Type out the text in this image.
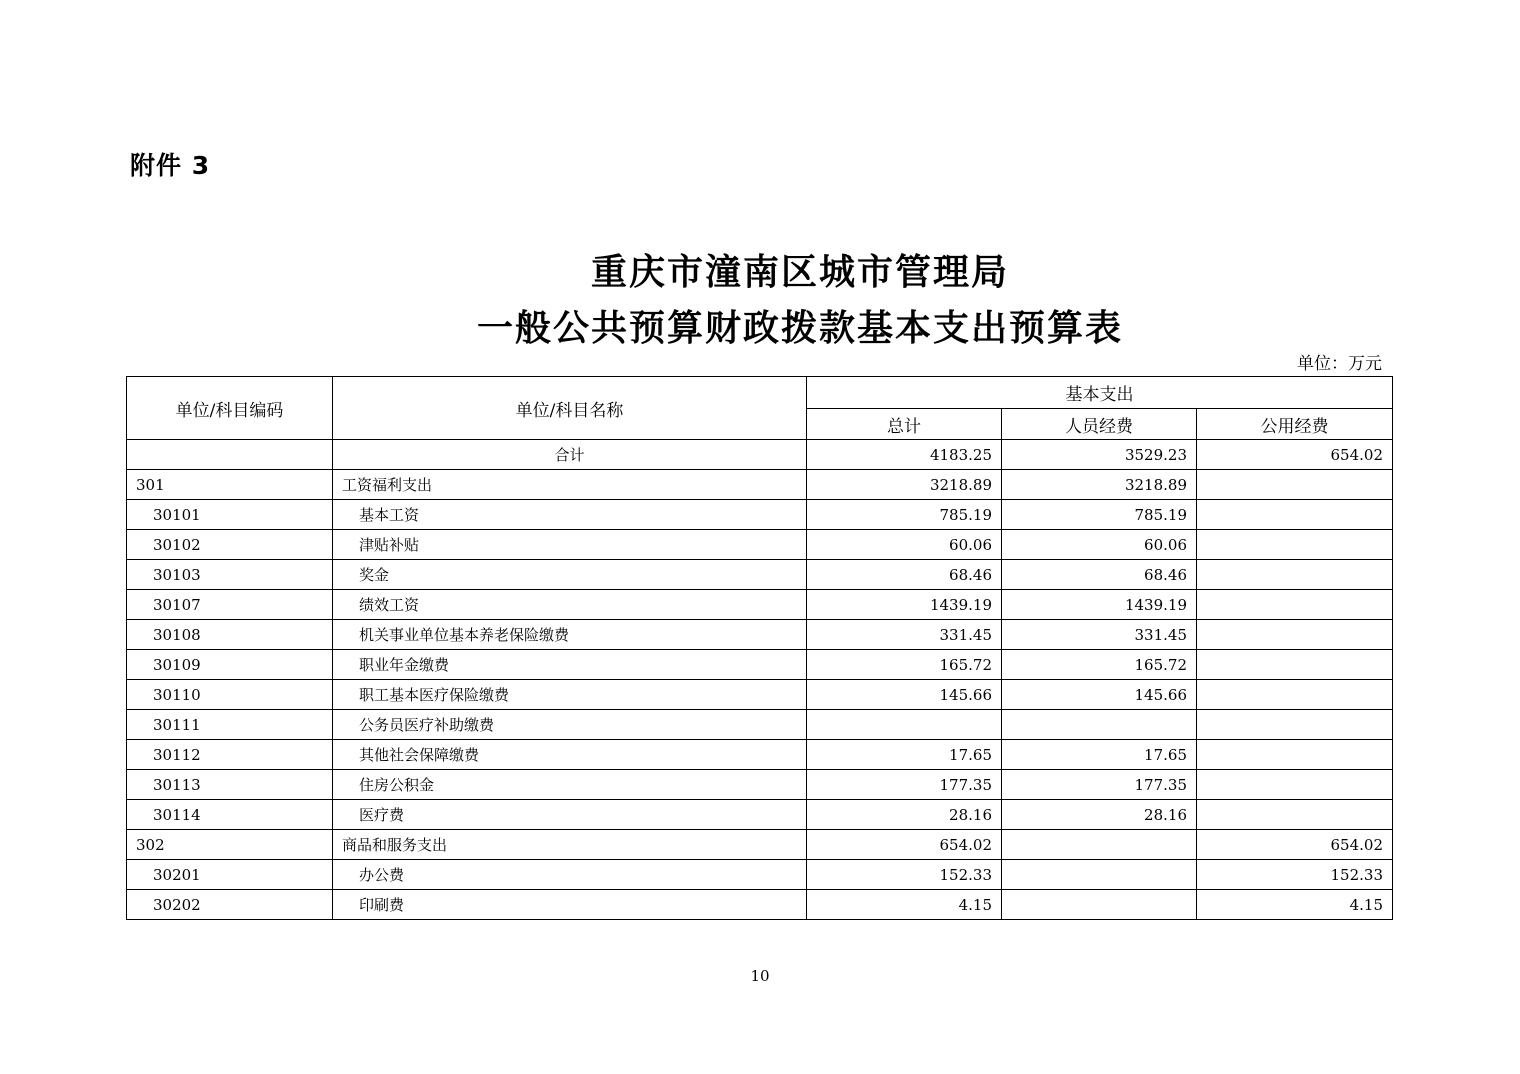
附件 3
重庆市潼南区城市管理局
一般公共预算财政拨款基本支出预算表
单位：万元
单位/科目编码	单位/科目名称	基本支出		
		总计	人员经费	公用经费
	合计	4183.25	3529.23	654.02
301	工资福利支出	3218.89	3218.89	
30101	基本工资	785.19	785.19	
30102	津贴补贴	60.06	60.06	
30103	奖金	68.46	68.46	
30107	绩效工资	1439.19	1439.19	
30108	机关事业单位基本养老保险缴费	331.45	331.45	
30109	职业年金缴费	165.72	165.72	
30110	职工基本医疗保险缴费	145.66	145.66	
30111	公务员医疗补助缴费			
30112	其他社会保障缴费	17.65	17.65	
30113	住房公积金	177.35	177.35	
30114	医疗费	28.16	28.16	
302	商品和服务支出	654.02		654.02
30201	办公费	152.33		152.33
30202	印刷费	4.15		4.15
10
